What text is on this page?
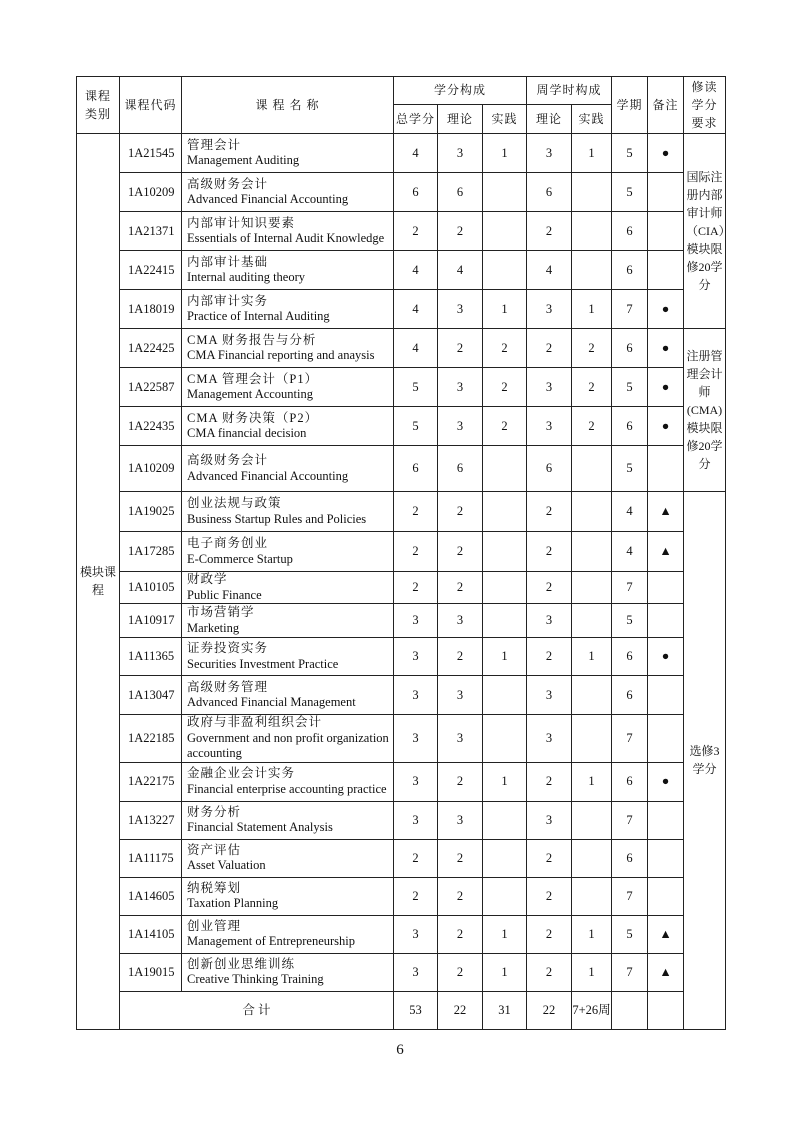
课程类别	课程代码	课 程 名 称	学分构成			周学时构成		学期	备注	修读学分要求
			总学分	理论	实践	理论	实践			
模块课程	1A21545	管理会计
Management Auditing	4	3	1	3	1	5	●	国际注册内部审计师（CIA）模块限修20学分
	1A10209	高级财务会计
Advanced Financial Accounting	6	6		6		5		
	1A21371	内部审计知识要素
Essentials of Internal Audit Knowledge	2	2		2		6		
	1A22415	内部审计基础
Internal auditing theory	4	4		4		6		
	1A18019	内部审计实务
Practice of Internal Auditing	4	3	1	3	1	7	●	
	1A22425	CMA 财务报告与分析
CMA Financial reporting and anaysis	4	2	2	2	2	6	●	注册管理会计师(CMA)模块限修20学分
	1A22587	CMA 管理会计（P1）
Management Accounting	5	3	2	3	2	5	●	
	1A22435	CMA 财务决策（P2）
CMA financial decision	5	3	2	3	2	6	●	
	1A10209	高级财务会计
Advanced Financial Accounting	6	6		6		5		
	1A19025	创业法规与政策
Business Startup Rules and Policies	2	2		2		4	▲	选修3学分
	1A17285	电子商务创业
E-Commerce Startup	2	2		2		4	▲	
	1A10105	财政学
Public Finance	2	2		2		7		
	1A10917	市场营销学
Marketing	3	3		3		5		
	1A11365	证券投资实务
Securities Investment Practice	3	2	1	2	1	6	●	
	1A13047	高级财务管理
Advanced Financial Management	3	3		3		6		
	1A22185	政府与非盈利组织会计
Government and non profit organization accounting	3	3		3		7		
	1A22175	金融企业会计实务
Financial enterprise accounting practice	3	2	1	2	1	6	●	
	1A13227	财务分析
Financial Statement Analysis	3	3		3		7		
	1A11175	资产评估
Asset Valuation	2	2		2		6		
	1A14605	纳税筹划
Taxation Planning	2	2		2		7		
	1A14105	创业管理
Management of Entrepreneurship	3	2	1	2	1	5	▲	
	1A19015	创新创业思维训练
Creative Thinking Training	3	2	1	2	1	7	▲	
	合 计		53	22	31	22	7+26周			
6
